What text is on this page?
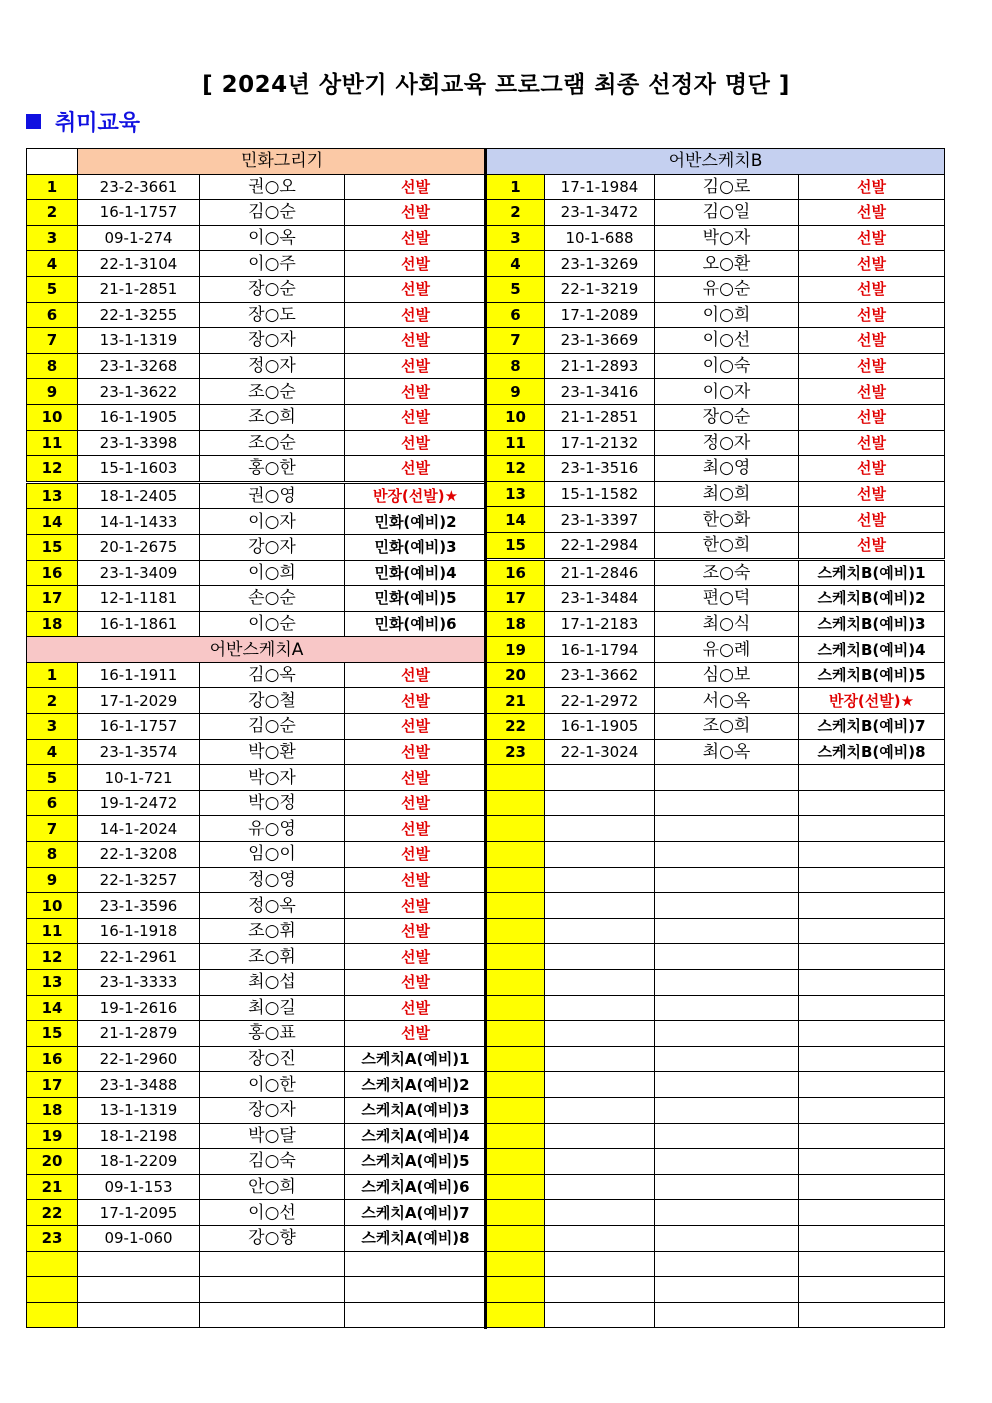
[ 2024년 상반기 사회교육 프로그램 최종 선정자 명단 ]
취미교육
	민화그리기		
1	23-2-3661	권○오	선발
2	16-1-1757	김○순	선발
3	09-1-274	이○옥	선발
4	22-1-3104	이○주	선발
5	21-1-2851	장○순	선발
6	22-1-3255	장○도	선발
7	13-1-1319	장○자	선발
8	23-1-3268	정○자	선발
9	23-1-3622	조○순	선발
10	16-1-1905	조○희	선발
11	23-1-3398	조○순	선발
12	15-1-1603	홍○한	선발
13	18-1-2405	권○영	반장(선발)★
14	14-1-1433	이○자	민화(예비)2
15	20-1-2675	강○자	민화(예비)3
16	23-1-3409	이○희	민화(예비)4
17	12-1-1181	손○순	민화(예비)5
18	16-1-1861	이○순	민화(예비)6
어반스케치A			
1	16-1-1911	김○옥	선발
2	17-1-2029	강○철	선발
3	16-1-1757	김○순	선발
4	23-1-3574	박○환	선발
5	10-1-721	박○자	선발
6	19-1-2472	박○정	선발
7	14-1-2024	유○영	선발
8	22-1-3208	임○이	선발
9	22-1-3257	정○영	선발
10	23-1-3596	정○옥	선발
11	16-1-1918	조○휘	선발
12	22-1-2961	조○휘	선발
13	23-1-3333	최○섭	선발
14	19-1-2616	최○길	선발
15	21-1-2879	홍○표	선발
16	22-1-2960	장○진	스케치A(예비)1
17	23-1-3488	이○한	스케치A(예비)2
18	13-1-1319	장○자	스케치A(예비)3
19	18-1-2198	박○달	스케치A(예비)4
20	18-1-2209	김○숙	스케치A(예비)5
21	09-1-153	안○희	스케치A(예비)6
22	17-1-2095	이○선	스케치A(예비)7
23	09-1-060	강○향	스케치A(예비)8

어반스케치B			
1	17-1-1984	김○로	선발
2	23-1-3472	김○일	선발
3	10-1-688	박○자	선발
4	23-1-3269	오○환	선발
5	22-1-3219	유○순	선발
6	17-1-2089	이○희	선발
7	23-1-3669	이○선	선발
8	21-1-2893	이○숙	선발
9	23-1-3416	이○자	선발
10	21-1-2851	장○순	선발
11	17-1-2132	정○자	선발
12	23-1-3516	최○영	선발
13	15-1-1582	최○희	선발
14	23-1-3397	한○화	선발
15	22-1-2984	한○희	선발
16	21-1-2846	조○숙	스케치B(예비)1
17	23-1-3484	편○덕	스케치B(예비)2
18	17-1-2183	최○식	스케치B(예비)3
19	16-1-1794	유○례	스케치B(예비)4
20	23-1-3662	심○보	스케치B(예비)5
21	22-1-2972	서○옥	반장(선발)★
22	16-1-1905	조○희	스케치B(예비)7
23	22-1-3024	최○옥	스케치B(예비)8
